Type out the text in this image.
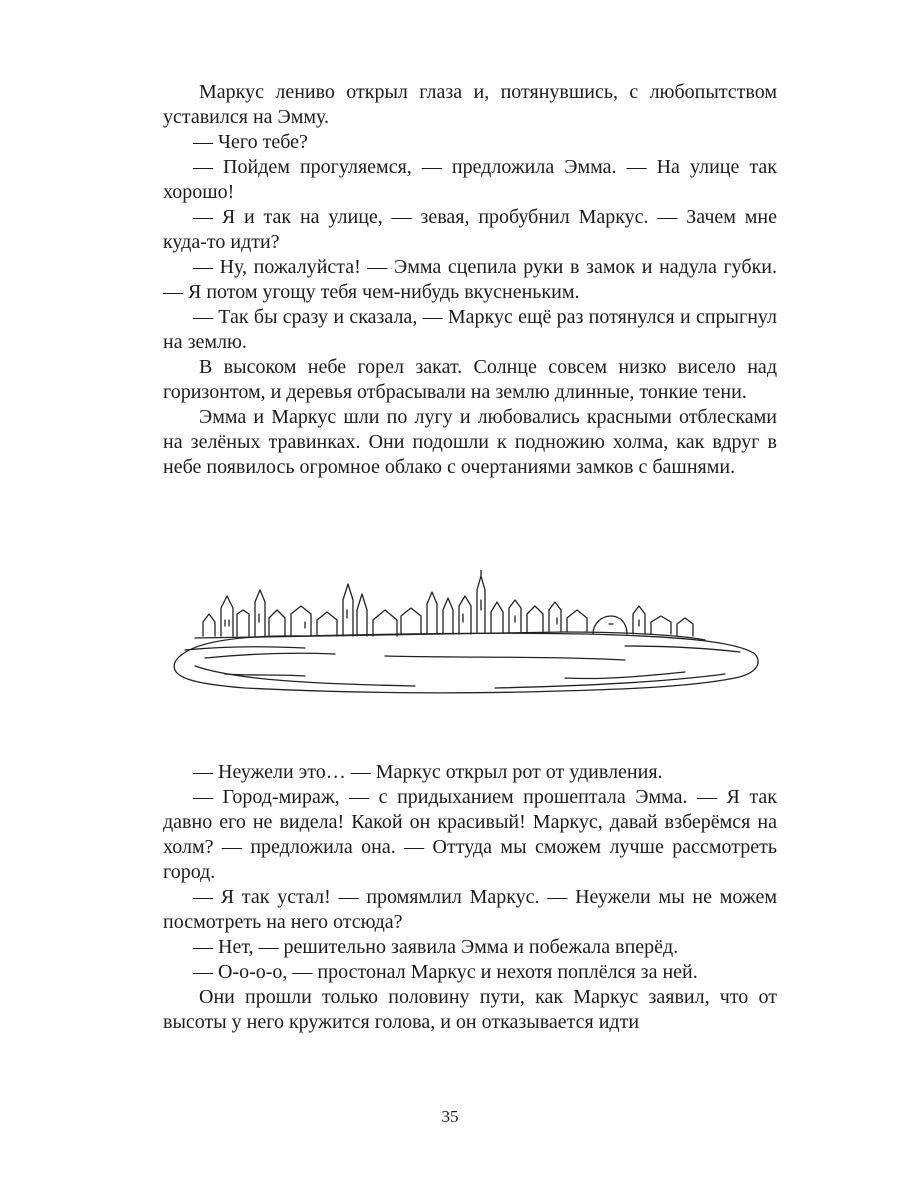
Маркус лениво открыл глаза и, потянувшись, с любопытством уставился на Эмму.

— Чего тебе?

— Пойдем прогуляемся, — предложила Эмма. — На улице так хорошо!

— Я и так на улице, — зевая, пробубнил Маркус. — Зачем мне куда-то идти?

— Ну, пожалуйста! — Эмма сцепила руки в замок и надула губки. — Я потом угощу тебя чем-нибудь вкусненьким.

— Так бы сразу и сказала, — Маркус ещё раз потянулся и спрыгнул на землю.

В высоком небе горел закат. Солнце совсем низко висело над горизонтом, и деревья отбрасывали на землю длинные, тонкие тени.

Эмма и Маркус шли по лугу и любовались красными отблесками на зелёных травинках. Они подошли к подножию холма, как вдруг в небе появилось огромное облако с очертаниями замков с башнями.

— Неужели это… — Маркус открыл рот от удивления.

— Город-мираж, — с придыханием прошептала Эмма. — Я так давно его не видела! Какой он красивый! Маркус, давай взберёмся на холм? — предложила она. — Оттуда мы сможем лучше рассмотреть город.

— Я так устал! — промямлил Маркус. — Неужели мы не можем посмотреть на него отсюда?

— Нет, — решительно заявила Эмма и побежала вперёд.

— О-о-о-о, — простонал Маркус и нехотя поплёлся за ней.

Они прошли только половину пути, как Маркус заявил, что от высоты у него кружится голова, и он отказывается идти

35
